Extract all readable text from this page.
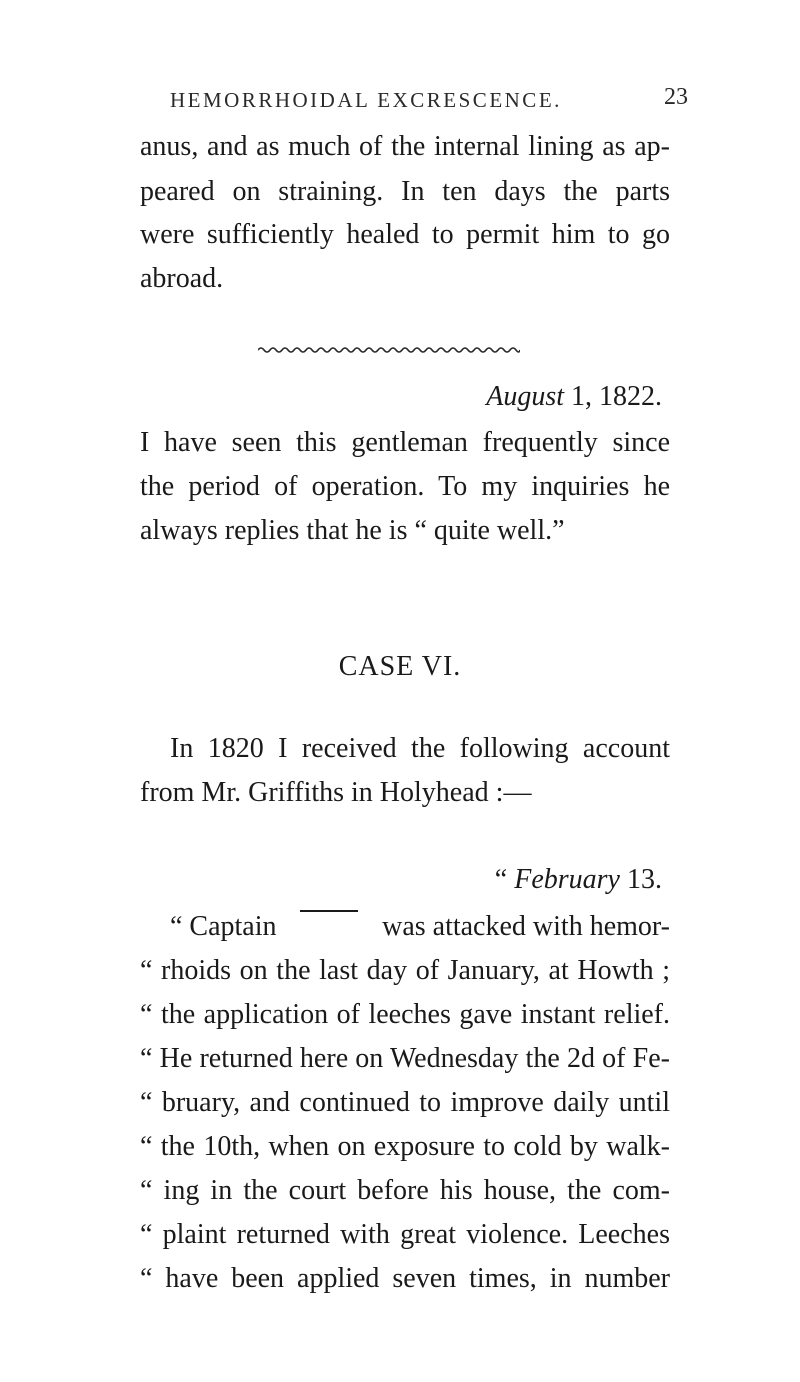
HEMORRHOIDAL EXCRESCENCE.	23
anus, and as much of the internal lining as ap-
peared on straining. In ten days the parts
were sufficiently healed to permit him to go
abroad.
August 1, 1822.
I have seen this gentleman frequently since
the period of operation. To my inquiries he
always replies that he is “ quite well.”
CASE VI.
In 1820 I received the following account
from Mr. Griffiths in Holyhead :—
“ February 13.
“ Captain	was attacked with hemor-
“ rhoids on the last day of January, at Howth ;
“ the application of leeches gave instant relief.
“ He returned here on Wednesday the 2d of Fe-
“ bruary, and continued to improve daily until
“ the 10th, when on exposure to cold by walk-
“ ing in the court before his house, the com-
“ plaint returned with great violence. Leeches
“ have been applied seven times, in number
